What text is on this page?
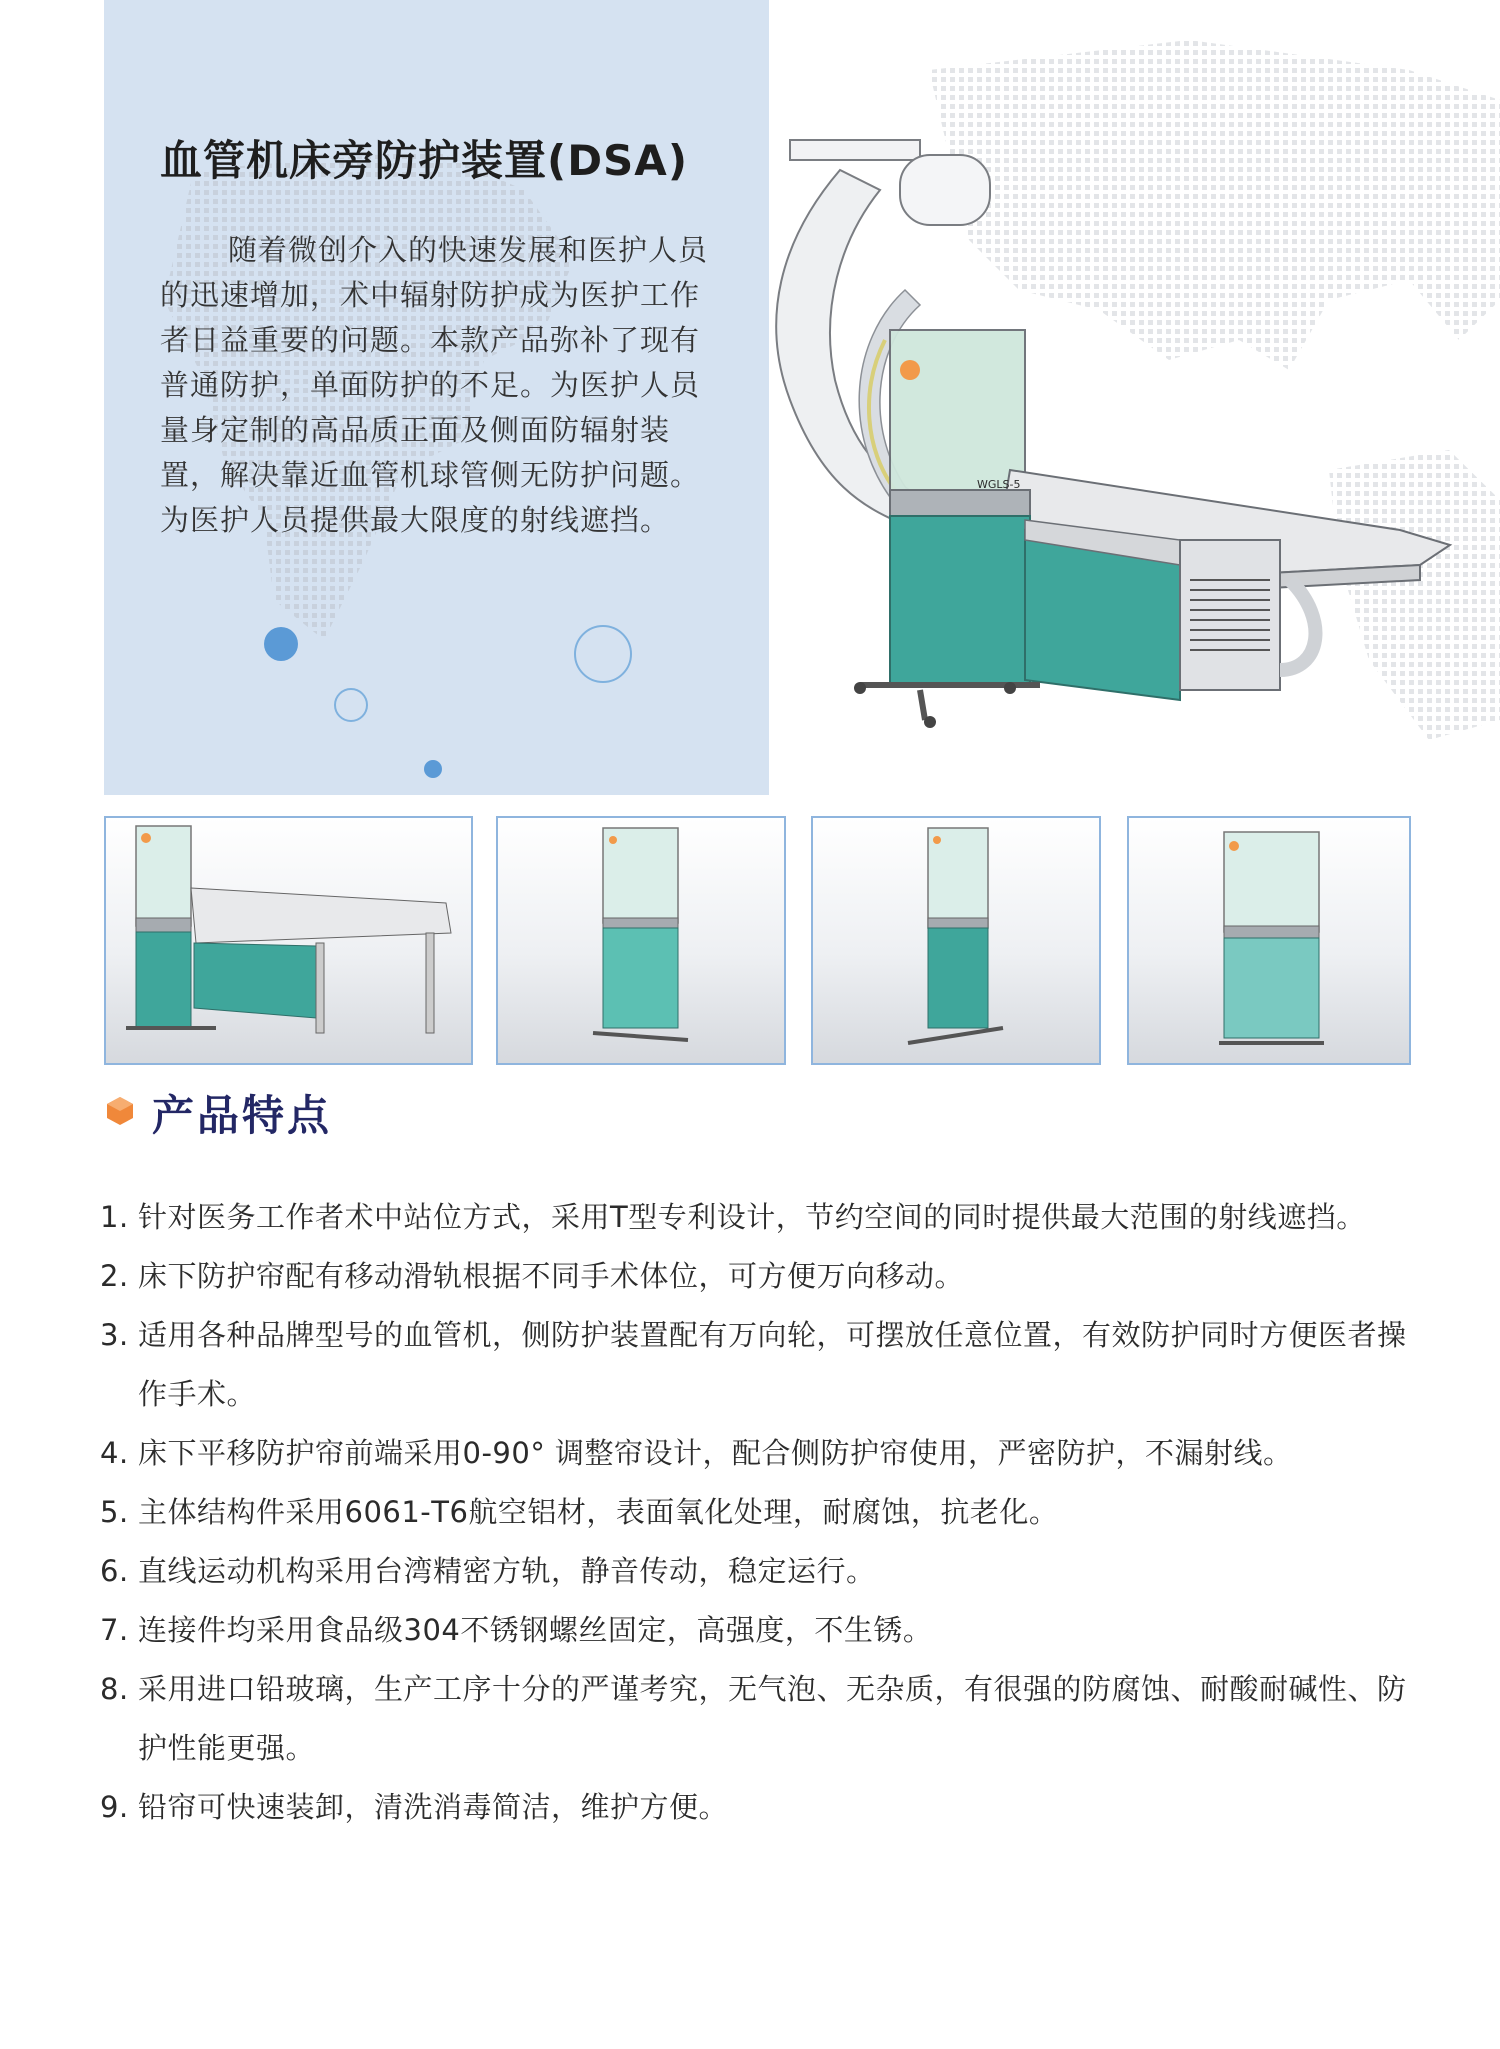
血管机床旁防护装置(DSA)
随着微创介入的快速发展和医护人员的迅速增加，术中辐射防护成为医护工作者日益重要的问题。本款产品弥补了现有普通防护，单面防护的不足。为医护人员量身定制的高品质正面及侧面防辐射装置，解决靠近血管机球管侧无防护问题。为医护人员提供最大限度的射线遮挡。
WGLS-5
产品特点
1. 针对医务工作者术中站位方式，采用T型专利设计，节约空间的同时提供最大范围的射线遮挡。
2. 床下防护帘配有移动滑轨根据不同手术体位，可方便万向移动。
3. 适用各种品牌型号的血管机，侧防护装置配有万向轮，可摆放任意位置，有效防护同时方便医者操作手术。
4. 床下平移防护帘前端采用0-90° 调整帘设计，配合侧防护帘使用，严密防护，不漏射线。
5. 主体结构件采用6061-T6航空铝材，表面氧化处理，耐腐蚀，抗老化。
6. 直线运动机构采用台湾精密方轨，静音传动，稳定运行。
7. 连接件均采用食品级304不锈钢螺丝固定，高强度，不生锈。
8. 采用进口铅玻璃，生产工序十分的严谨考究，无气泡、无杂质，有很强的防腐蚀、耐酸耐碱性、防护性能更强。
9. 铅帘可快速装卸，清洗消毒简洁，维护方便。
